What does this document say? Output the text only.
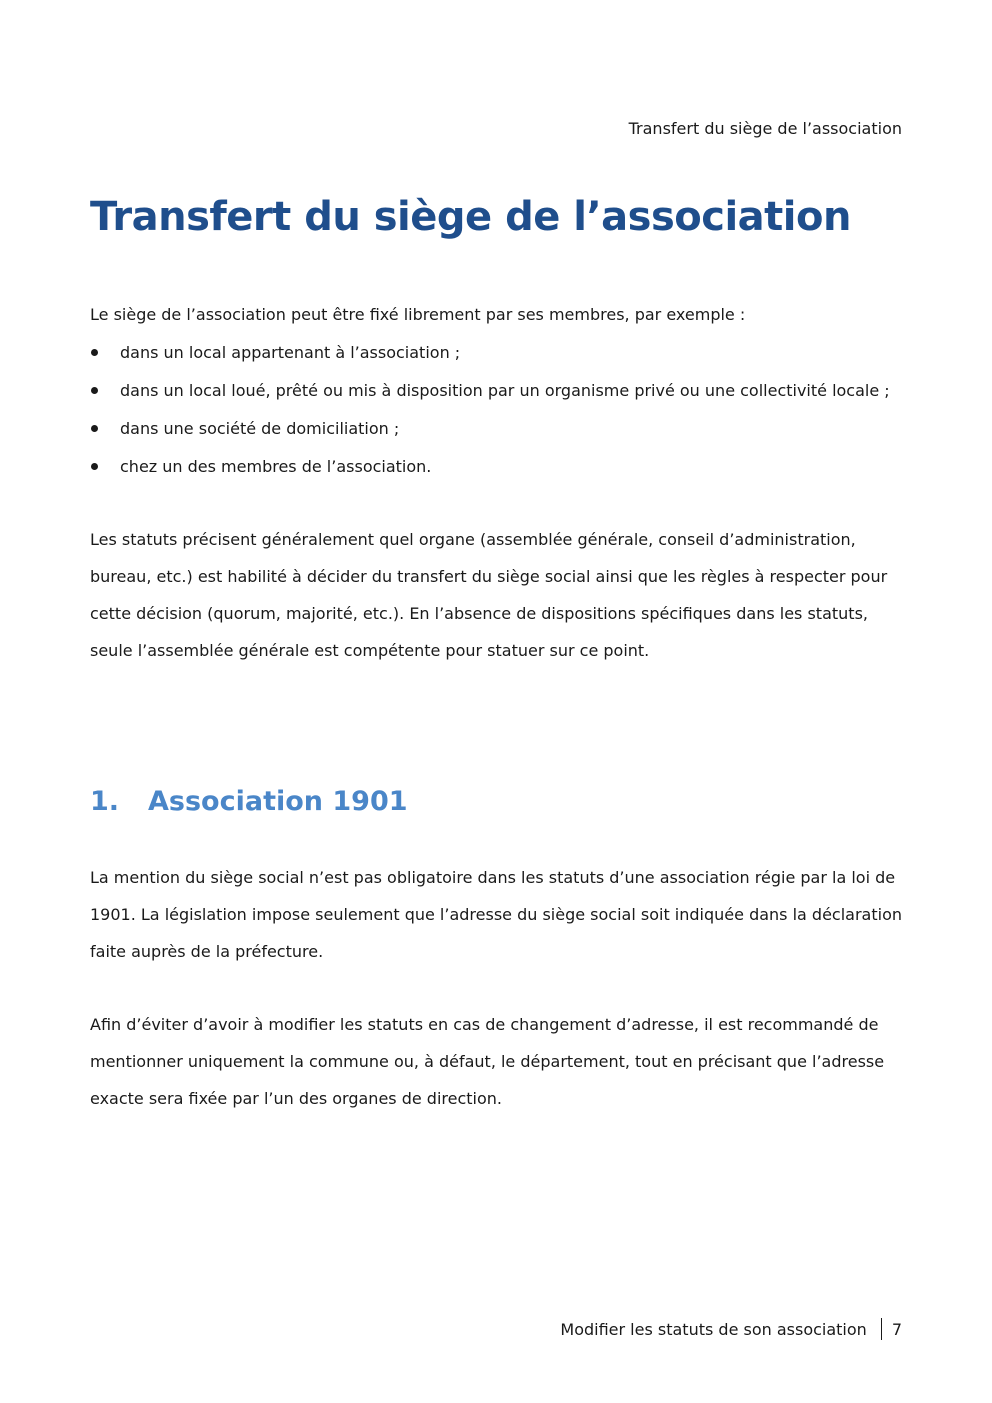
Transfert du siège de l’association
Transfert du siège de l’association

Le siège de l’association peut être fixé librement par ses membres, par exemple :

dans un local appartenant à l’association ;
dans un local loué, prêté ou mis à disposition par un organisme privé ou une collectivité locale ;
dans une société de domiciliation ;
chez un des membres de l’association.

Les statuts précisent généralement quel organe (assemblée générale, conseil d’administration, bureau, etc.) est habilité à décider du transfert du siège social ainsi que les règles à respecter pour cette décision (quorum, majorité, etc.). En l’absence de dispositions spécifiques dans les statuts, seule l’assemblée générale est compétente pour statuer sur ce point.

1. Association 1901

La mention du siège social n’est pas obligatoire dans les statuts d’une association régie par la loi de 1901. La législation impose seulement que l’adresse du siège social soit indiquée dans la déclaration faite auprès de la préfecture.

Afin d’éviter d’avoir à modifier les statuts en cas de changement d’adresse, il est recommandé de mentionner uniquement la commune ou, à défaut, le département, tout en précisant que l’adresse exacte sera fixée par l’un des organes de direction.

Modifier les statuts de son association 7
